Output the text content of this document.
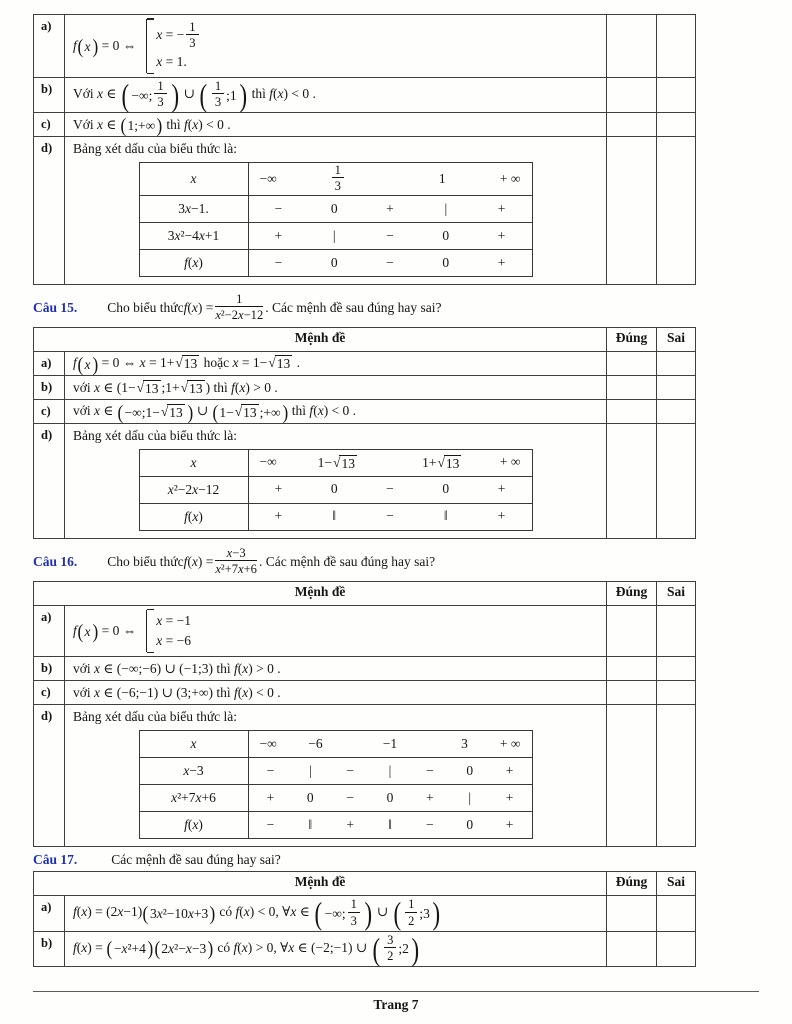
a)
f ( x ) = 0 ⇔
x = − $\frac{1}{3}$
x = 1.
b)	Với x ∈ ( −∞; $\frac{1}{3}$ ) ∪ ( $\frac{1}{3}$ ;1 ) thì f(x) < 0 .
c)	Với x ∈ ( 1;+∞ ) thì f(x) < 0 .
d)	Bảng xét dấu của biểu thức là:
x	−∞	$\frac{1}{3}$	1	+ ∞
3 x −1.	−	0	+	|	+
3 x ²−4 x +1	+	|	−	0	+
f ( x )	−	0	−	0	+
Câu 15. Cho biểu thức f ( x ) = $\frac{1}{\text{x²−2x−12}}$ . Các mệnh đề sau đúng hay sai?
Mệnh đề	Đúng	Sai
a)	f ( x ) = 0 ⇔ x = 1+ √ 13 hoặc x = 1− √ 13 .
b)	với x ∈ (1− √ 13 ;1+ √ 13 ) thì f(x) > 0 .
c)	với x ∈ ( −∞;1− √ 13 ) ∪ ( 1− √ 13 ;+∞ ) thì f(x) < 0 .
d)	Bảng xét dấu của biểu thức là:
x	−∞	1− √ 13	1+ √ 13	+ ∞
x ²−2 x −12	+	0	−	0	+
f ( x )	+	‖	−	‖	+
Câu 16. Cho biểu thức f ( x ) = $\frac{x-3}{\text{x²+7x+6}}$ . Các mệnh đề sau đúng hay sai?
Mệnh đề	Đúng	Sai
a)
f ( x ) = 0 ⇔
x = −1
x = −6
b)	với x ∈ (−∞;−6) ∪ (−1;3) thì f(x) > 0 .
c)	với x ∈ (−6;−1) ∪ (3;+∞) thì f(x) < 0 .
d)	Bảng xét dấu của biểu thức là:
x	−∞	−6	−1	3	+ ∞
x −3	−	|	−	|	−	0	+
x ²+7 x +6	+	0	−	0	+	|	+
f ( x )	−	‖	+	‖	−	0	+
Câu 17.	Các mệnh đề sau đúng hay sai?
Mệnh đề	Đúng	Sai
a)	f(x) = (2x−1) ( 3 x ²−10 x +3 ) có f(x) < 0, ∀x ∈ ( −∞; $\frac{1}{3}$ ) ∪ ( $\frac{1}{2}$ ;3 )
b)	f(x) = ( − x ²+4 ) ( 2 x ²− x −3 ) có f(x) > 0, ∀x ∈ (−2;−1) ∪ ( $\frac{3}{2}$ ;2 )
Trang 7
